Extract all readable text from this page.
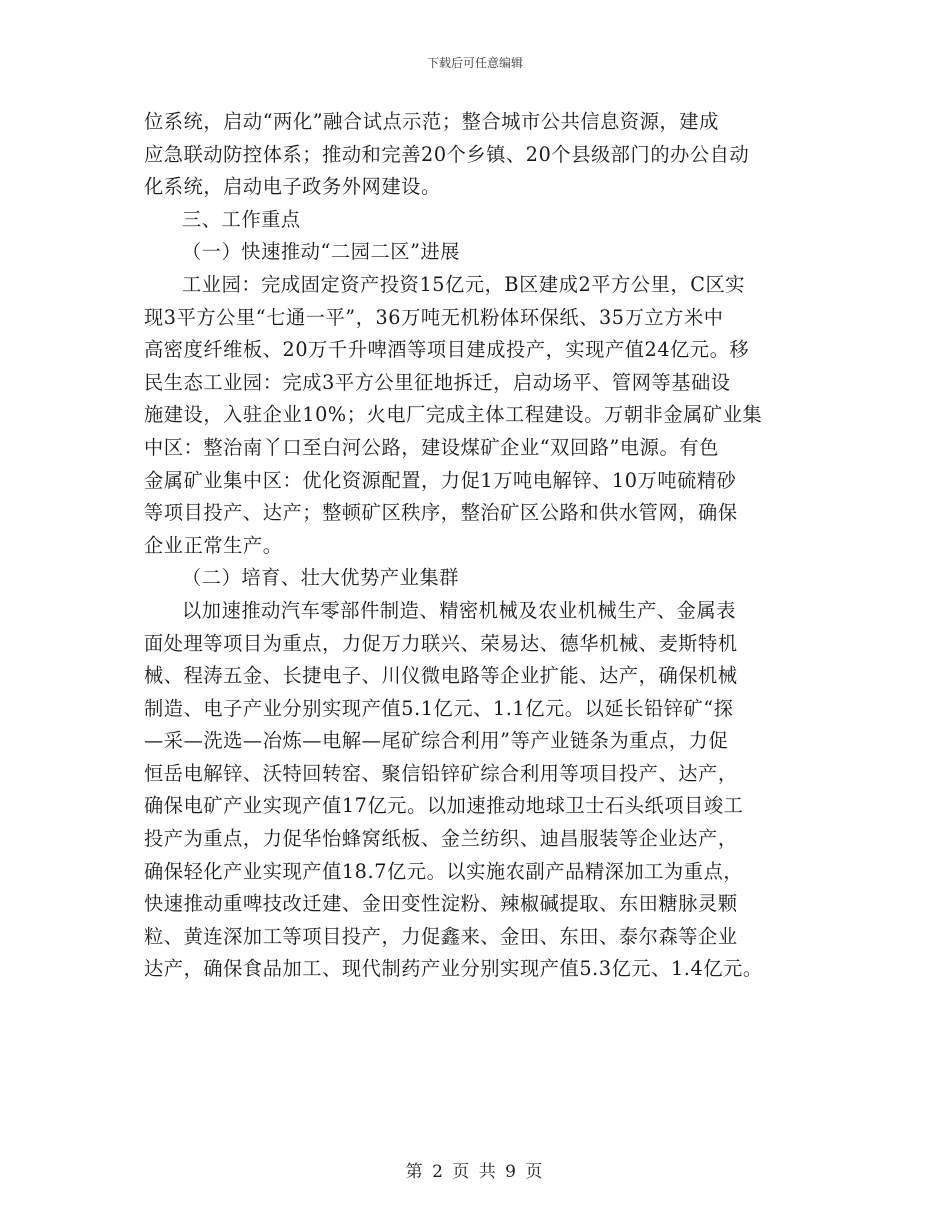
下载后可任意编辑
位系统，启动“两化”融合试点示范；整合城市公共信息资源，建成
应急联动防控体系；推动和完善20个乡镇、20个县级部门的办公自动
化系统，启动电子政务外网建设。
三、工作重点
（一）快速推动“二园二区”进展
工业园：完成固定资产投资15亿元，B区建成2平方公里，C区实
现3平方公里“七通一平”，36万吨无机粉体环保纸、35万立方米中
高密度纤维板、20万千升啤酒等项目建成投产，实现产值24亿元。移
民生态工业园：完成3平方公里征地拆迁，启动场平、管网等基础设
施建设，入驻企业10%；火电厂完成主体工程建设。万朝非金属矿业集
中区：整治南丫口至白河公路，建设煤矿企业“双回路”电源。有色
金属矿业集中区：优化资源配置，力促1万吨电解锌、10万吨硫精砂
等项目投产、达产；整顿矿区秩序，整治矿区公路和供水管网，确保
企业正常生产。
（二）培育、壮大优势产业集群
以加速推动汽车零部件制造、精密机械及农业机械生产、金属表
面处理等项目为重点，力促万力联兴、荣易达、德华机械、麦斯特机
械、程涛五金、长捷电子、川仪微电路等企业扩能、达产，确保机械
制造、电子产业分别实现产值5.1亿元、1.1亿元。以延长铅锌矿“探
—采—洗选—冶炼—电解—尾矿综合利用”等产业链条为重点，力促
恒岳电解锌、沃特回转窑、聚信铅锌矿综合利用等项目投产、达产，
确保电矿产业实现产值17亿元。以加速推动地球卫士石头纸项目竣工
投产为重点，力促华怡蜂窝纸板、金兰纺织、迪昌服装等企业达产，
确保轻化产业实现产值18.7亿元。以实施农副产品精深加工为重点，
快速推动重啤技改迁建、金田变性淀粉、辣椒碱提取、东田糖脉灵颗
粒、黄连深加工等项目投产，力促鑫来、金田、东田、泰尔森等企业
达产，确保食品加工、现代制药产业分别实现产值5.3亿元、1.4亿元。
第 2 页 共 9 页
